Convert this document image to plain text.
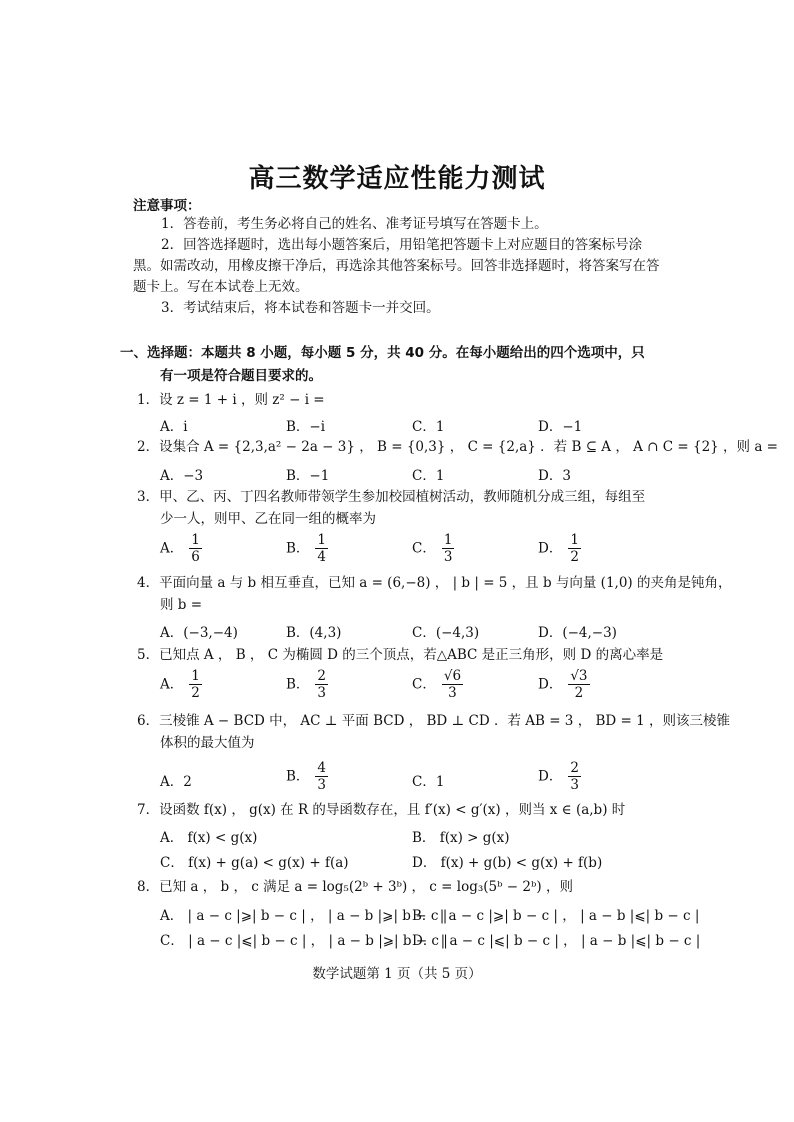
高三数学适应性能力测试
注意事项：
1．答卷前，考生务必将自己的姓名、准考证号填写在答题卡上。
2．回答选择题时，选出每小题答案后，用铅笔把答题卡上对应题目的答案标号涂黑。如需改动，用橡皮擦干净后，再选涂其他答案标号。回答非选择题时，将答案写在答题卡上。写在本试卷上无效。
3．考试结束后，将本试卷和答题卡一并交回。
一、选择题：本题共 8 小题，每小题 5 分，共 40 分。在每小题给出的四个选项中，只
有一项是符合题目要求的。
1．设 z = 1 + i ，则 z² − i =
A．i	B．−i	C．1	D．−1
2．设集合 A = {2,3,a² − 2a − 3} ， B = {0,3} ， C = {2,a} ．若 B ⊆ A ， A ∩ C = {2} ，则 a =
A．−3	B．−1	C．1	D．3
3．甲、乙、丙、丁四名教师带领学生参加校园植树活动，教师随机分成三组，每组至
少一人，则甲、乙在同一组的概率为
A． $\frac{1}{6}$	B． $\frac{1}{4}$	C． $\frac{1}{3}$	D． $\frac{1}{2}$
4．平面向量 a 与 b 相互垂直，已知 a = (6,−8) ， | b | = 5 ，且 b 与向量 (1,0) 的夹角是钝角，
则 b =
A．(−3,−4)	B．(4,3)	C．(−4,3)	D．(−4,−3)
5．已知点 A ， B ， C 为椭圆 D 的三个顶点，若△ABC 是正三角形，则 D 的离心率是
A． $\frac{1}{2}$	B． $\frac{2}{3}$	C． $\frac{√6}{3}$	D． $\frac{√3}{2}$
6．三棱锥 A − BCD 中， AC ⊥ 平面 BCD ， BD ⊥ CD ．若 AB = 3 ， BD = 1 ，则该三棱锥
体积的最大值为
A．2	B． $\frac{4}{3}$	C．1	D． $\frac{2}{3}$
7．设函数 f(x) ， g(x) 在 R 的导函数存在，且 f′(x) < g′(x) ，则当 x ∈ (a,b) 时
A． f(x) < g(x)	B． f(x) > g(x)
C． f(x) + g(a) < g(x) + f(a)	D． f(x) + g(b) < g(x) + f(b)
8．已知 a ， b ， c 满足 a = log₅(2ᵇ + 3ᵇ) ， c = log₃(5ᵇ − 2ᵇ) ，则
A． | a − c |⩾| b − c | ， | a − b |⩾| b − c |
B． | a − c |⩾| b − c | ， | a − b |⩽| b − c |
C． | a − c |⩽| b − c | ， | a − b |⩾| b − c |
D． | a − c |⩽| b − c | ， | a − b |⩽| b − c |
数学试题第 1 页（共 5 页）
